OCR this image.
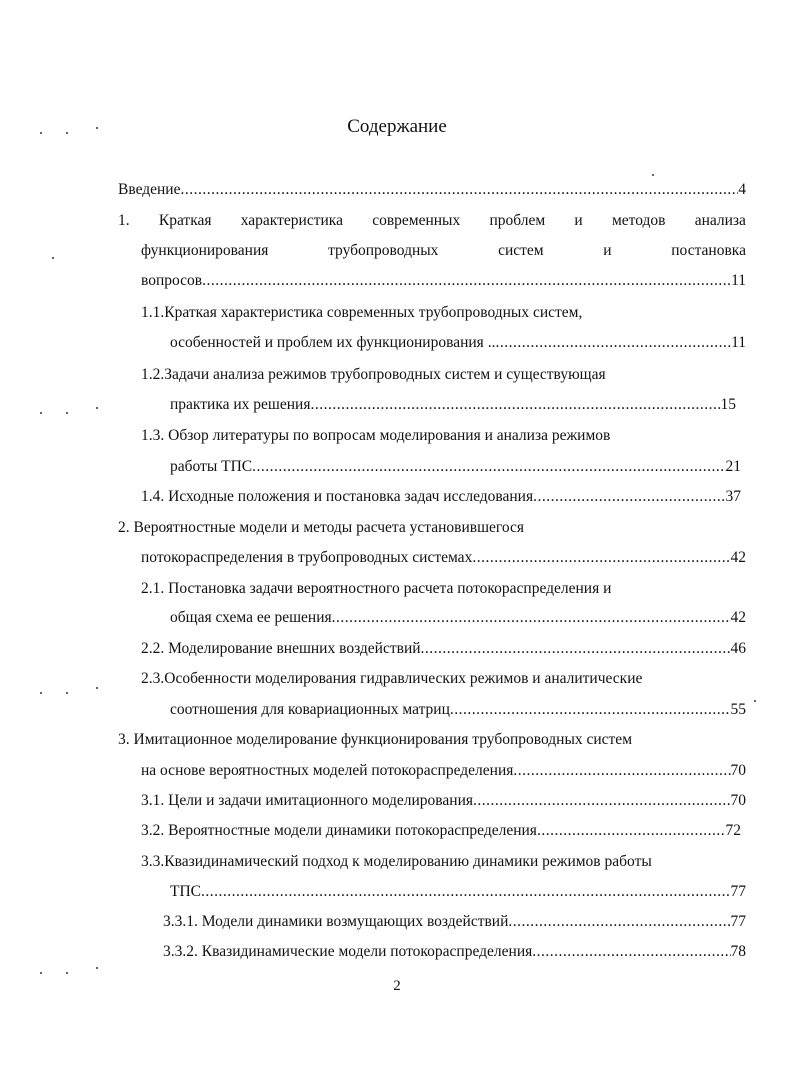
Содержание
Введение .....	4
1. Краткая характеристика современных проблем и методов анализа
функционирования	трубопроводных	систем	и	постановка
вопросов .....	11
1.1.Краткая характеристика современных трубопроводных систем,
особенностей и проблем их функционирования .. .....	11
1.2.Задачи анализа режимов трубопроводных систем и существующая
практика их решения .....	15
1.3. Обзор литературы по вопросам моделирования и анализа режимов
работы ТПС .....	21
1.4. Исходные положения и постановка задач исследования .....	37
2. Вероятностные модели и методы расчета установившегося
потокораспределения в трубопроводных системах .....	42
2.1. Постановка задачи вероятностного расчета потокораспределения и
общая схема ее решения .....	42
2.2. Моделирование внешних воздействий .....	46
2.3.Особенности моделирования гидравлических режимов и аналитические
соотношения для ковариационных матриц .....	55
3. Имитационное моделирование функционирования трубопроводных систем
на основе вероятностных моделей потокораспределения .....	70
3.1. Цели и задачи имитационного моделирования .....	70
3.2. Вероятностные модели динамики потокораспределения .....	72
3.3.Квазидинамический подход к моделированию динамики режимов работы
ТПС .....	77
3.3.1. Модели динамики возмущающих воздействий .....	77
3.3.2. Квазидинамические модели потокораспределения .....	78
2
